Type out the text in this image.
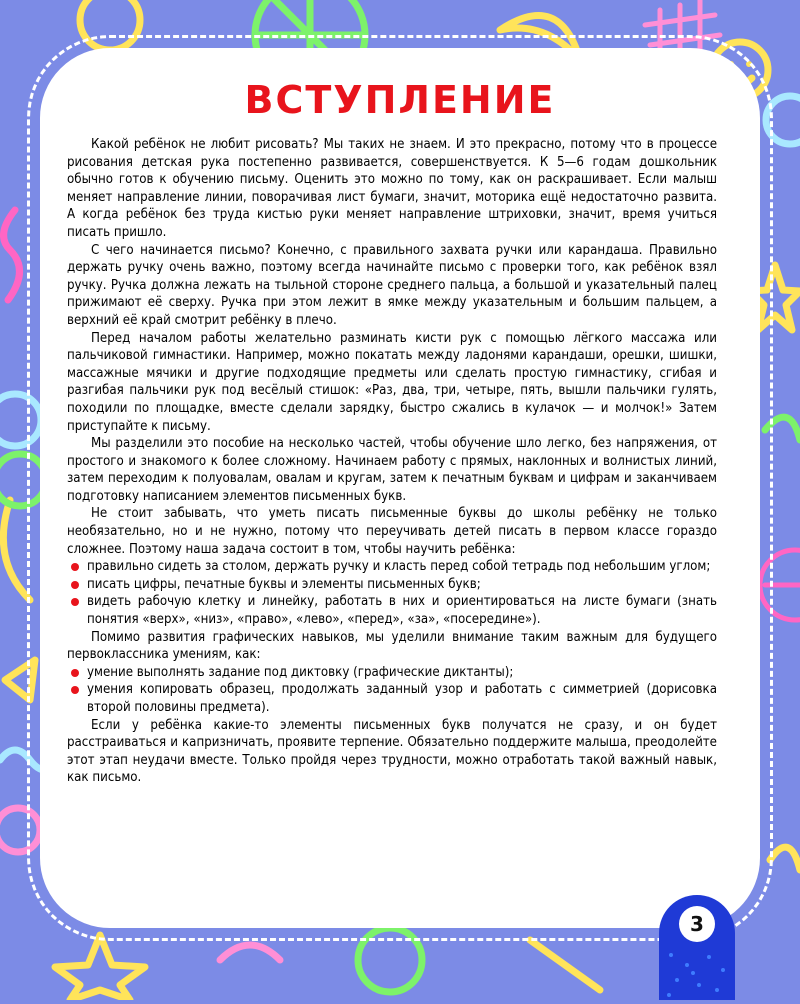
ВСТУПЛЕНИЕ

Какой ребёнок не любит рисовать? Мы таких не знаем. И это прекрасно, потому что в процессе рисования детская рука постепенно развивается, совершенствуется. К 5—6 годам дошкольник обычно готов к обучению письму. Оценить это можно по тому, как он раскрашивает. Если малыш меняет направление линии, поворачивая лист бумаги, значит, моторика ещё недостаточно развита. А когда ребёнок без труда кистью руки меняет направление штриховки, значит, время учиться писать пришло.

С чего начинается письмо? Конечно, с правильного захвата ручки или карандаша. Правильно держать ручку очень важно, поэтому всегда начинайте письмо с проверки того, как ребёнок взял ручку. Ручка должна лежать на тыльной стороне среднего пальца, а большой и указательный палец прижимают её сверху. Ручка при этом лежит в ямке между указательным и большим пальцем, а верхний её край смотрит ребёнку в плечо.

Перед началом работы желательно разминать кисти рук с помощью лёгкого массажа или пальчиковой гимнастики. Например, можно покатать между ладонями карандаши, орешки, шишки, массажные мячики и другие подходящие предметы или сделать простую гимнастику, сгибая и разгибая пальчики рук под весёлый стишок: «Раз, два, три, четыре, пять, вышли пальчики гулять, походили по площадке, вместе сделали зарядку, быстро сжались в кулачок — и молчок!» Затем приступайте к письму.

Мы разделили это пособие на несколько частей, чтобы обучение шло легко, без напряжения, от простого и знакомого к более сложному. Начинаем работу с прямых, наклонных и волнистых линий, затем переходим к полуовалам, овалам и кругам, затем к печатным буквам и цифрам и заканчиваем подготовку написанием элементов письменных букв.

Не стоит забывать, что уметь писать письменные буквы до школы ребёнку не только необязательно, но и не нужно, потому что переучивать детей писать в первом классе гораздо сложнее. Поэтому наша задача состоит в том, чтобы научить ребёнка:

правильно сидеть за столом, держать ручку и класть перед собой тетрадь под небольшим углом;
писать цифры, печатные буквы и элементы письменных букв;
видеть рабочую клетку и линейку, работать в них и ориентироваться на листе бумаги (знать понятия «верх», «низ», «право», «лево», «перед», «за», «посередине»).

Помимо развития графических навыков, мы уделили внимание таким важным для будущего первоклассника умениям, как:

умение выполнять задание под диктовку (графические диктанты);
умения копировать образец, продолжать заданный узор и работать с симметрией (дорисовка второй половины предмета).

Если у ребёнка какие-то элементы письменных букв получатся не сразу, и он будет расстраиваться и капризничать, проявите терпение. Обязательно поддержите малыша, преодолейте этот этап неудачи вместе. Только пройдя через трудности, можно отработать такой важный навык, как письмо.

3
